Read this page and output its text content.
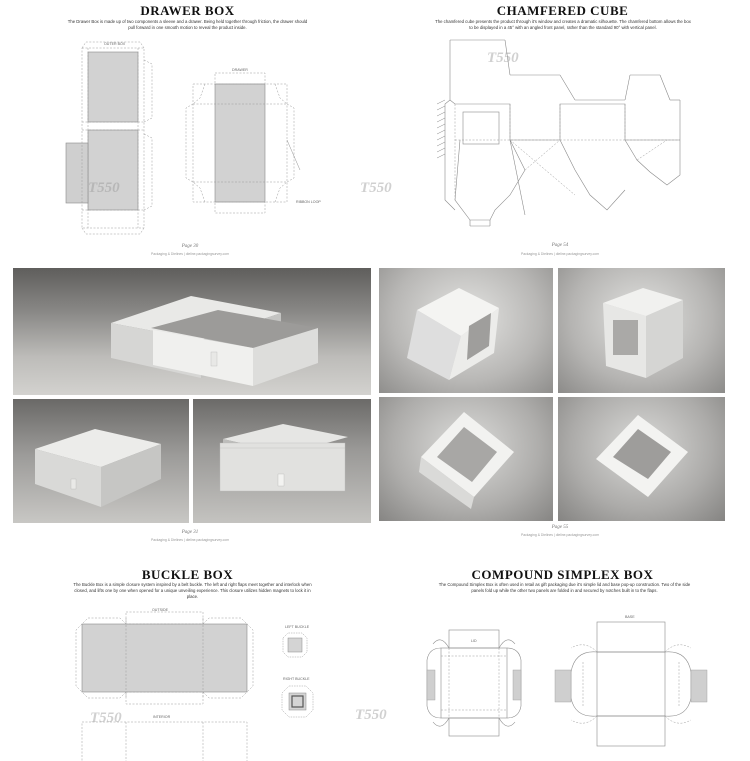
DRAWER BOX
The Drawer Box is made up of two components a sleeve and a drawer. Being held together through friction, the drawer should pull forward in one smooth motion to reveal the product inside.
OUTER BOX
DRAWER
RIBBON LOOP
T550
Page 30
Packaging & Dielines | dieline.packagingsurvey.com
CHAMFERED CUBE
The chamfered cube presents the product through it's window and creates a dramatic silhouette. The chamfered bottom allows the box to be displayed in a 45° with an angled front panel, rather than the standard 90° with vertical panel.
T550
T550
Page 54
Packaging & Dielines | dieline.packagingsurvey.com
Page 31
Packaging & Dielines | dieline.packagingsurvey.com
Page 55
Packaging & Dielines | dieline.packagingsurvey.com
BUCKLE BOX
The Buckle Box is a simple closure system inspired by a belt buckle. The left and right flaps meet together and interlock when closed, and lifts one by one when opened for a unique unveiling experience. This closure utilizes hidden magnets to lock it in place.
OUTSIDE
INTERIOR
LEFT BUCKLE
RIGHT BUCKLE
T550
COMPOUND SIMPLEX BOX
The Compound Simplex Box is often used in retail as gift packaging due it's simple lid and base pop-up construction. Two of the side panels fold up while the other two panels are folded in and secured by notches built in to the flaps.
LID
BASE
T550
